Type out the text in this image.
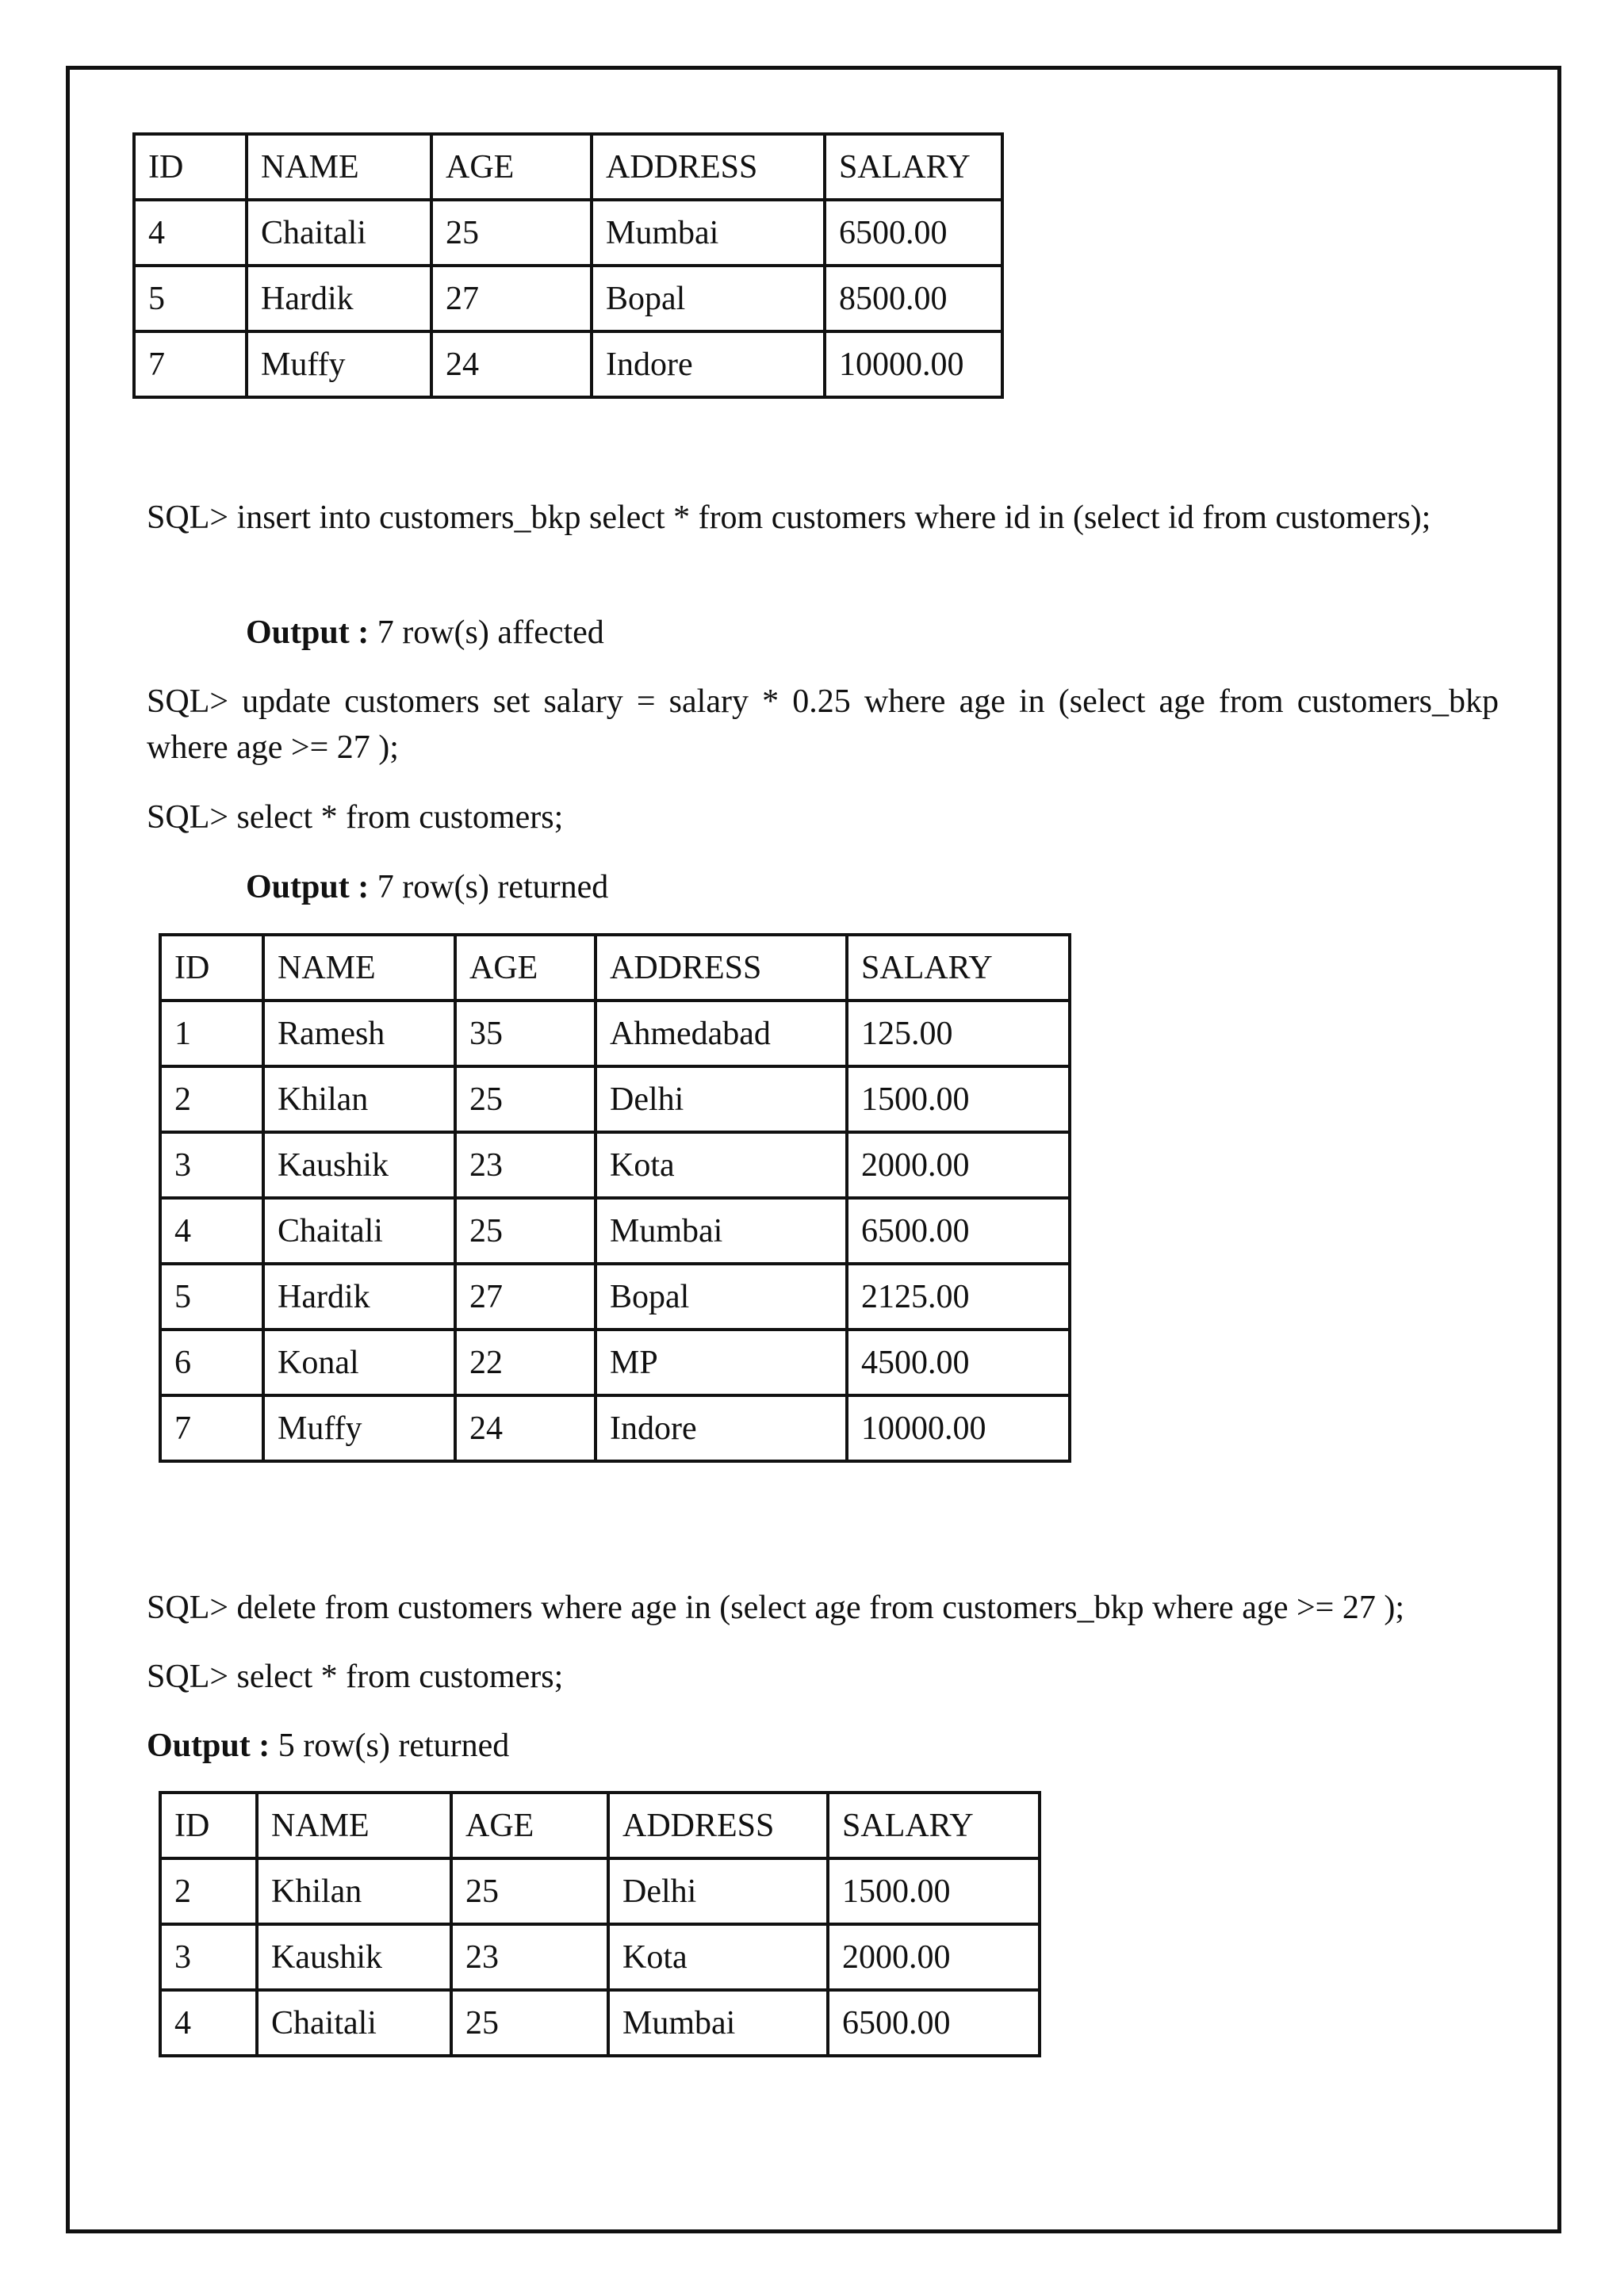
ID	NAME	AGE	ADDRESS	SALARY
4	Chaitali	25	Mumbai	6500.00
5	Hardik	27	Bopal	8500.00
7	Muffy	24	Indore	10000.00

SQL> insert into customers_bkp select * from customers where id in (select id from customers);

Output : 7 row(s) affected

SQL> update customers set salary = salary * 0.25 where age in (select age from customers_bkp where age >= 27 );

SQL> select * from customers;

Output : 7 row(s) returned

ID	NAME	AGE	ADDRESS	SALARY
1	Ramesh	35	Ahmedabad	125.00
2	Khilan	25	Delhi	1500.00
3	Kaushik	23	Kota	2000.00
4	Chaitali	25	Mumbai	6500.00
5	Hardik	27	Bopal	2125.00
6	Konal	22	MP	4500.00
7	Muffy	24	Indore	10000.00

SQL> delete from customers where age in (select age from customers_bkp where age >= 27 );

SQL> select * from customers;

Output : 5 row(s) returned

ID	NAME	AGE	ADDRESS	SALARY
2	Khilan	25	Delhi	1500.00
3	Kaushik	23	Kota	2000.00
4	Chaitali	25	Mumbai	6500.00
